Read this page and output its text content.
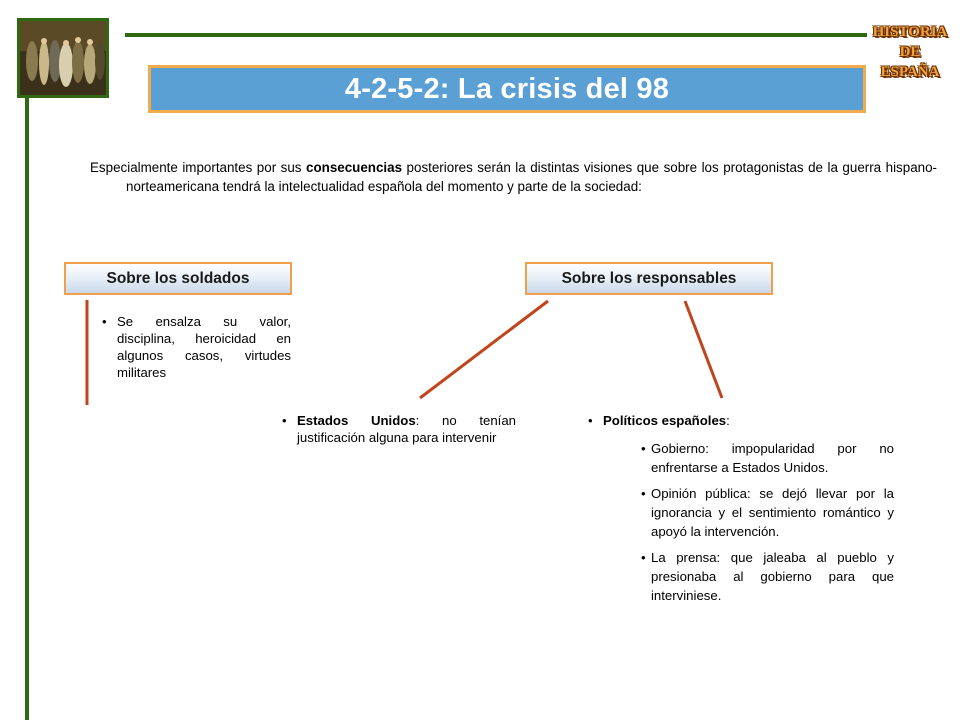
HISTORIA
DE
ESPAÑA
4-2-5-2: La crisis del 98
Especialmente importantes por sus consecuencias posteriores serán la distintas visiones que sobre los protagonistas de la guerra hispano-norteamericana tendrá la intelectualidad española del momento y parte de la sociedad:
Sobre los soldados	Sobre los responsables
• Se ensalza su valor, disciplina, heroicidad en algunos casos, virtudes militares
• Estados Unidos: no tenían justificación alguna para intervenir
• Políticos españoles:
• Gobierno: impopularidad por no enfrentarse a Estados Unidos.
• Opinión pública: se dejó llevar por la ignorancia y el sentimiento romántico y apoyó la intervención.
• La prensa: que jaleaba al pueblo y presionaba al gobierno para que interviniese.
